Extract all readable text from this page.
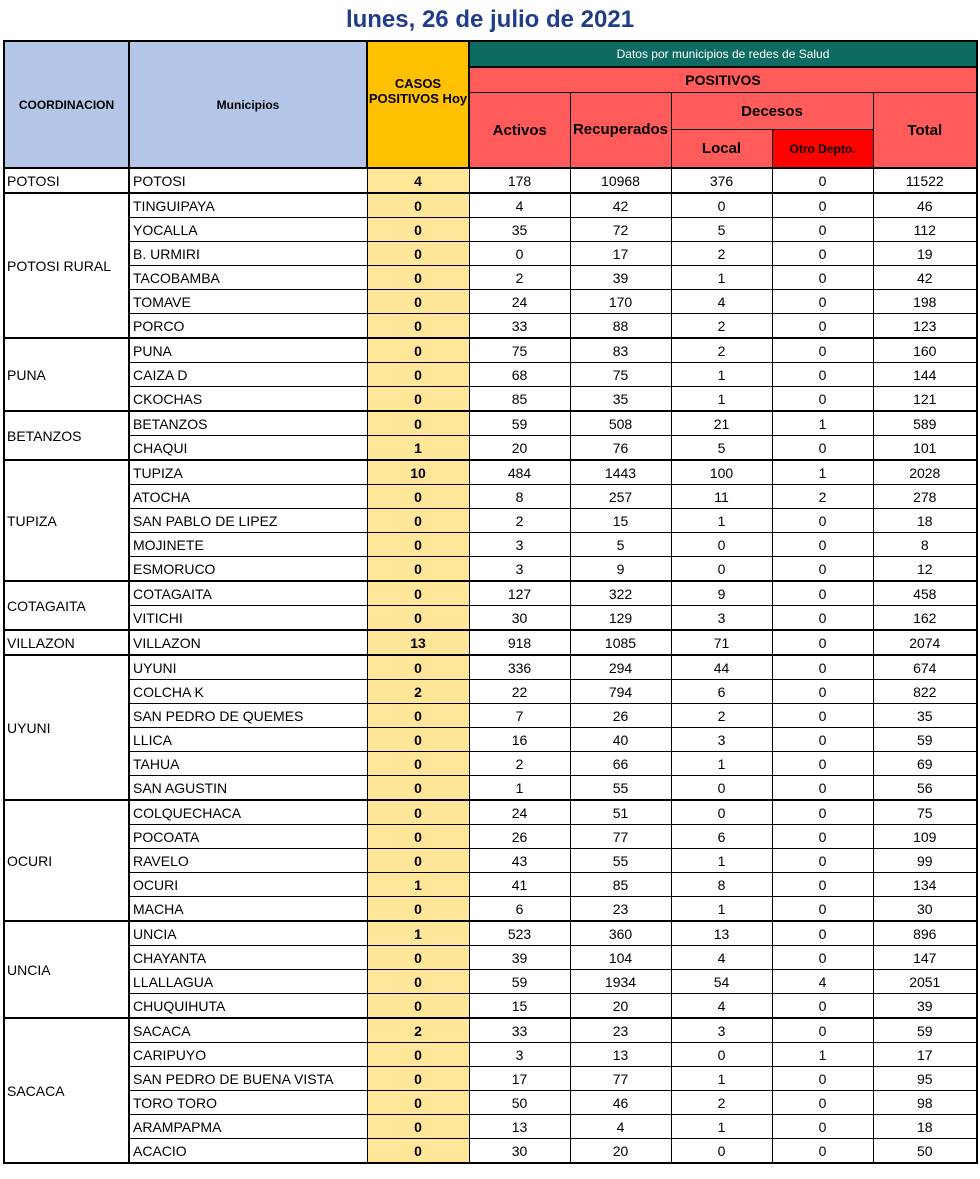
lunes, 26 de julio de 2021
COORDINACION	Municipios	CASOS POSITIVOS Hoy	Datos por municipios de redes de Salud				
			POSITIVOS				
			Activos	Recuperados	Decesos		Total
					Local	Otro Depto.	
POTOSI	POTOSI	4	178	10968	376	0	11522
POTOSI RURAL	TINGUIPAYA	0	4	42	0	0	46
	YOCALLA	0	35	72	5	0	112
	B. URMIRI	0	0	17	2	0	19
	TACOBAMBA	0	2	39	1	0	42
	TOMAVE	0	24	170	4	0	198
	PORCO	0	33	88	2	0	123
PUNA	PUNA	0	75	83	2	0	160
	CAIZA D	0	68	75	1	0	144
	CKOCHAS	0	85	35	1	0	121
BETANZOS	BETANZOS	0	59	508	21	1	589
	CHAQUI	1	20	76	5	0	101
TUPIZA	TUPIZA	10	484	1443	100	1	2028
	ATOCHA	0	8	257	11	2	278
	SAN PABLO DE LIPEZ	0	2	15	1	0	18
	MOJINETE	0	3	5	0	0	8
	ESMORUCO	0	3	9	0	0	12
COTAGAITA	COTAGAITA	0	127	322	9	0	458
	VITICHI	0	30	129	3	0	162
VILLAZON	VILLAZON	13	918	1085	71	0	2074
UYUNI	UYUNI	0	336	294	44	0	674
	COLCHA K	2	22	794	6	0	822
	SAN PEDRO DE QUEMES	0	7	26	2	0	35
	LLICA	0	16	40	3	0	59
	TAHUA	0	2	66	1	0	69
	SAN AGUSTIN	0	1	55	0	0	56
OCURI	COLQUECHACA	0	24	51	0	0	75
	POCOATA	0	26	77	6	0	109
	RAVELO	0	43	55	1	0	99
	OCURI	1	41	85	8	0	134
	MACHA	0	6	23	1	0	30
UNCIA	UNCIA	1	523	360	13	0	896
	CHAYANTA	0	39	104	4	0	147
	LLALLAGUA	0	59	1934	54	4	2051
	CHUQUIHUTA	0	15	20	4	0	39
SACACA	SACACA	2	33	23	3	0	59
	CARIPUYO	0	3	13	0	1	17
	SAN PEDRO DE BUENA VISTA	0	17	77	1	0	95
	TORO TORO	0	50	46	2	0	98
	ARAMPAPMA	0	13	4	1	0	18
	ACACIO	0	30	20	0	0	50
